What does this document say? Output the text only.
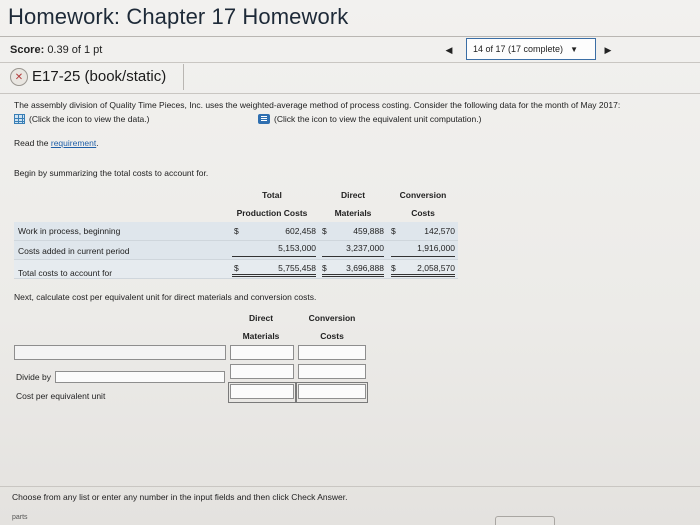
Homework: Chapter 17 Homework
Score: 0.39 of 1 pt	◀ 14 of 17 (17 complete) ▼	▶
✕ E17-25 (book/static)
The assembly division of Quality Time Pieces, Inc. uses the weighted-average method of process costing. Consider the following data for the month of May 2017:
(Click the icon to view the data.)	(Click the icon to view the equivalent unit computation.)
Read the requirement.
Begin by summarizing the total costs to account for.
Total
Production Costs
Direct
Materials
Conversion
Costs
Work in process, beginning	$	602,458 $	459,888 $	142,570
Costs added in current period	5,153,000	3,237,000	1,916,000
Total costs to account for	$	5,755,458 $	3,696,888 $	2,058,570
Next, calculate cost per equivalent unit for direct materials and conversion costs.
Direct
Materials
Conversion
Costs
Divide by
Cost per equivalent unit
Choose from any list or enter any number in the input fields and then click Check Answer.
parts
